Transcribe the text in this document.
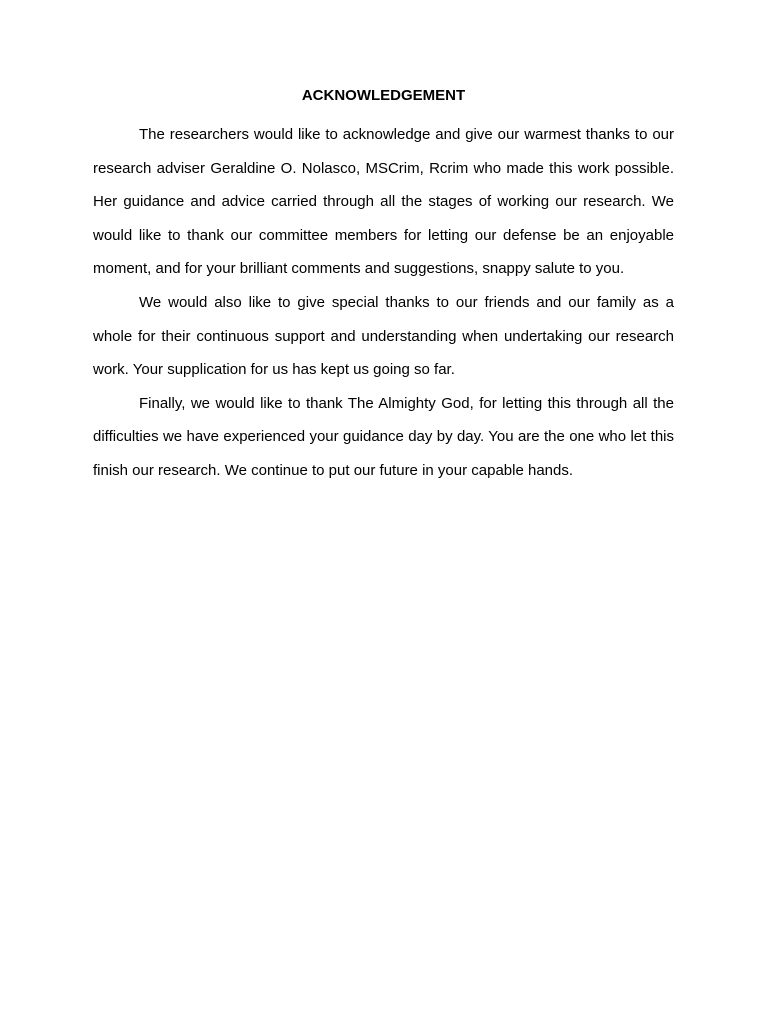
ACKNOWLEDGEMENT

The researchers would like to acknowledge and give our warmest thanks to our research adviser Geraldine O. Nolasco, MSCrim, Rcrim who made this work possible. Her guidance and advice carried through all the stages of working our research. We would like to thank our committee members for letting our defense be an enjoyable moment, and for your brilliant comments and suggestions, snappy salute to you.

We would also like to give special thanks to our friends and our family as a whole for their continuous support and understanding when undertaking our research work. Your supplication for us has kept us going so far.

Finally, we would like to thank The Almighty God, for letting this through all the difficulties we have experienced your guidance day by day. You are the one who let this finish our research. We continue to put our future in your capable hands.
